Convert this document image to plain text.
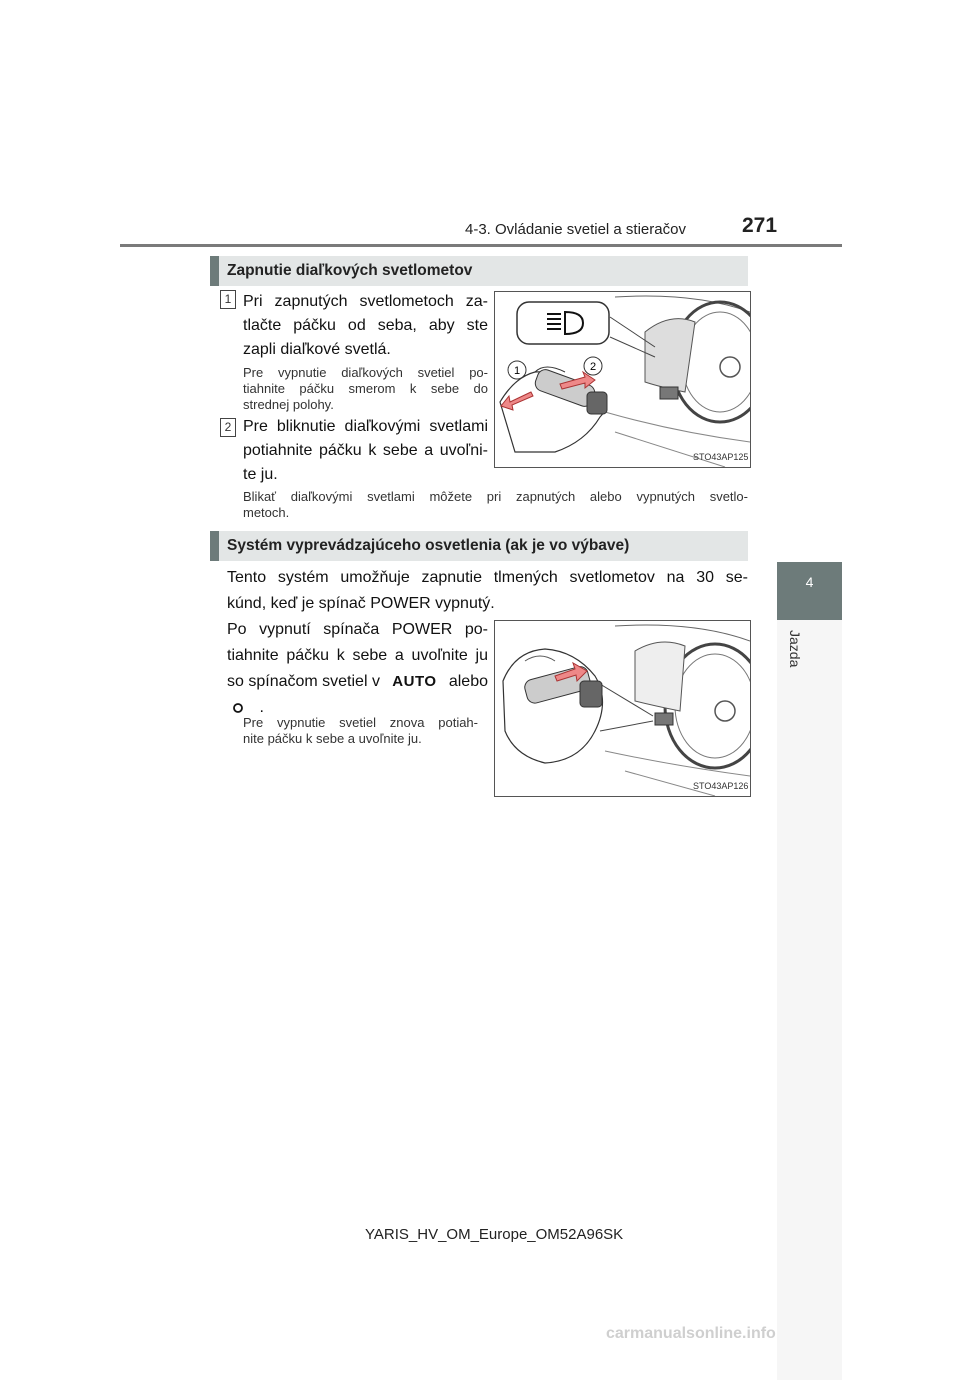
4-3. Ovládanie svetiel a stieračov	271
4
Jazda
Zapnutie diaľkových svetlometov
1 Pri zapnutých svetlometoch za-
tlačte páčku od seba, aby ste
zapli diaľkové svetlá.
Pre vypnutie diaľkových svetiel po-
tiahnite páčku smerom k sebe do
strednej polohy.
2 Pre bliknutie diaľkovými svetlami
potiahnite páčku k sebe a uvoľni-
te ju.
Blikať diaľkovými svetlami môžete pri zapnutých alebo vypnutých svetlo-
metoch.
1	2
STO43AP125
Systém vyprevádzajúceho osvetlenia (ak je vo výbave)
Tento systém umožňuje zapnutie tlmených svetlometov na 30 se-
kúnd, keď je spínač POWER vypnutý.
Po vypnutí spínača POWER po-
tiahnite páčku k sebe a uvoľnite ju
so spínačom svetiel v AUTO alebo
.
Pre vypnutie svetiel znova potiah-
nite páčku k sebe a uvoľnite ju.
STO43AP126
YARIS_HV_OM_Europe_OM52A96SK
carmanualsonline.info
